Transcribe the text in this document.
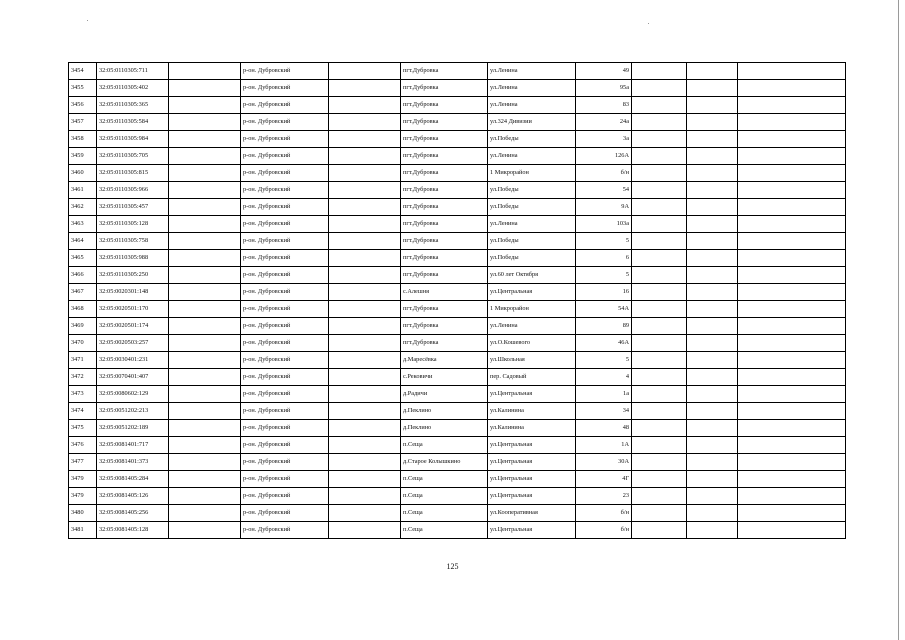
3454	32:05:0110305:711		р-он. Дубровский		пгт.Дубровка	ул.Ленина	49			
3455	32:05:0110305:402		р-он. Дубровский		пгт.Дубровка	ул.Ленина	95а			
3456	32:05:0110305:365		р-он. Дубровский		пгт.Дубровка	ул.Ленина	83			
3457	32:05:0110305:584		р-он. Дубровский		пгт.Дубровка	ул.324 Дивизии	24а			
3458	32:05:0110305:984		р-он. Дубровский		пгт.Дубровка	ул.Победы	3а			
3459	32:05:0110305:705		р-он. Дубровский		пгт.Дубровка	ул.Ленина	126А			
3460	32:05:0110305:815		р-он. Дубровский		пгт.Дубровка	1 Микрорайон	б/н			
3461	32:05:0110305:966		р-он. Дубровский		пгт.Дубровка	ул.Победы	54			
3462	32:05:0110305:457		р-он. Дубровский		пгт.Дубровка	ул.Победы	9А			
3463	32:05:0110305:128		р-он. Дубровский		пгт.Дубровка	ул.Ленина	103а			
3464	32:05:0110305:758		р-он. Дубровский		пгт.Дубровка	ул.Победы	5			
3465	32:05:0110305:988		р-он. Дубровский		пгт.Дубровка	ул.Победы	6			
3466	32:05:0110305:250		р-он. Дубровский		пгт.Дубровка	ул.60 лет Октября	5			
3467	32:05:0020301:148		р-он. Дубровский		с.Алешня	ул.Центральная	16			
3468	32:05:0020501:170		р-он. Дубровский		пгт.Дубровка	1 Микрорайон	54А			
3469	32:05:0020501:174		р-он. Дубровский		пгт.Дубровка	ул.Ленина	89			
3470	32:05:0020503:257		р-он. Дубровский		пгт.Дубровка	ул.О.Кошевого	46А			
3471	32:05:0030401:231		р-он. Дубровский		д.Маресёвка	ул.Школьная	5			
3472	32:05:0070401:407		р-он. Дубровский		с.Рековичи	пер. Садовый	4			
3473	32:05:0080602:129		р-он. Дубровский		д.Радичи	ул.Центральная	1а			
3474	32:05:0051202:213		р-он. Дубровский		д.Пеклино	ул.Калинина	34			
3475	32:05:0051202:189		р-он. Дубровский		д.Пеклино	ул.Калинина	48			
3476	32:05:0081401:717		р-он. Дубровский		п.Сеща	ул.Центральная	1А			
3477	32:05:0081401:373		р-он. Дубровский		д.Старое Колышкино	ул.Центральная	30А			
3479	32:05:0081405:284		р-он. Дубровский		п.Сеща	ул.Центральная	4Г			
3479	32:05:0081405:126		р-он. Дубровский		п.Сеща	ул.Центральная	23			
3480	32:05:0081405:256		р-он. Дубровский		п.Сеща	ул.Кооперативная	б/н			
3481	32:05:0081405:128		р-он. Дубровский		п.Сеща	ул.Центральная	б/н			
125
